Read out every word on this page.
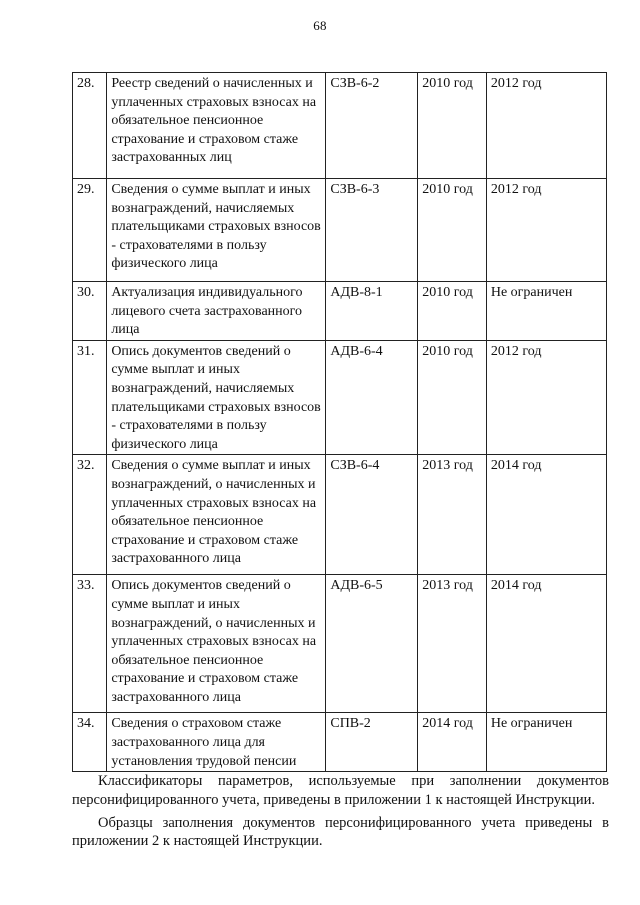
68
28.	Реестр сведений о начисленных и уплаченных страховых взносах на обязательное пенсионное страхование и страховом стаже застрахованных лиц	СЗВ-6-2	2010 год	2012 год
29.	Сведения о сумме выплат и иных вознаграждений, начисляемых плательщиками страховых взносов - страхователями в пользу физического лица	СЗВ-6-3	2010 год	2012 год
30.	Актуализация индивидуального лицевого счета застрахованного лица	АДВ-8-1	2010 год	Не ограничен
31.	Опись документов сведений о сумме выплат и иных вознаграждений, начисляемых плательщиками страховых взносов - страхователями в пользу физического лица	АДВ-6-4	2010 год	2012 год
32.	Сведения о сумме выплат и иных вознаграждений, о начисленных и уплаченных страховых взносах на обязательное пенсионное страхование и страховом стаже застрахованного лица	СЗВ-6-4	2013 год	2014 год
33.	Опись документов сведений о сумме выплат и иных вознаграждений, о начисленных и уплаченных страховых взносах на обязательное пенсионное страхование и страховом стаже застрахованного лица	АДВ-6-5	2013 год	2014 год
34.	Сведения о страховом стаже застрахованного лица для установления трудовой пенсии	СПВ-2	2014 год	Не ограничен

Классификаторы параметров, используемые при заполнении документов персонифицированного учета, приведены в приложении 1 к настоящей Инструкции.

Образцы заполнения документов персонифицированного учета приведены в приложении 2 к настоящей Инструкции.
